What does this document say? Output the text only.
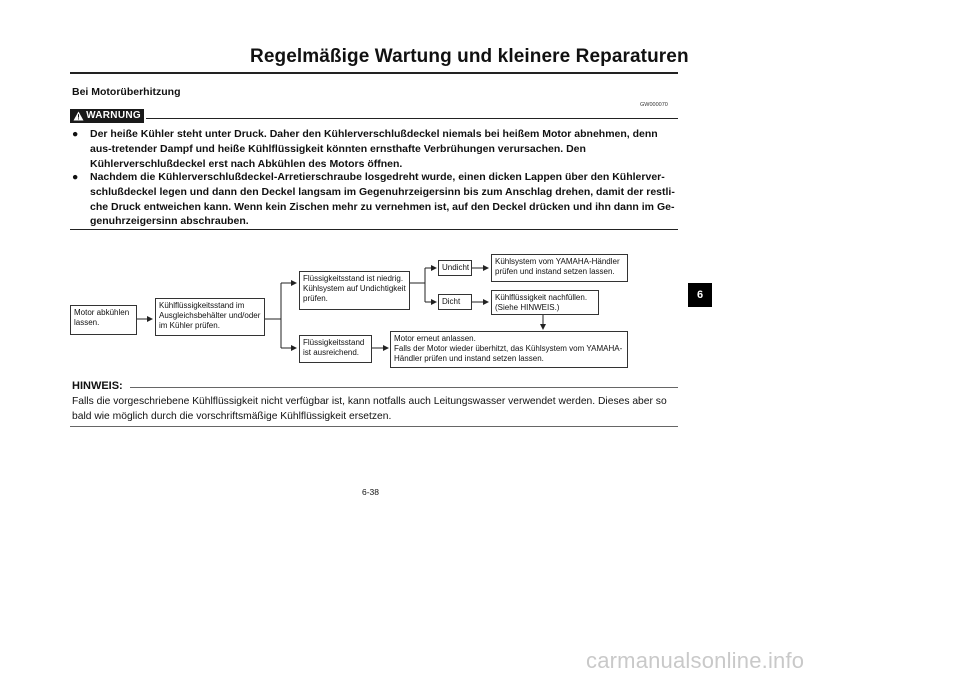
Regelmäßige Wartung und kleinere Reparaturen
Bei Motorüberhitzung
WARNUNG
GW000070
●	Der heiße Kühler steht unter Druck. Daher den Kühlerverschlußdeckel niemals bei heißem Motor abnehmen, denn aus-tretender Dampf und heiße Kühlflüssigkeit könnten ernsthafte Verbrühungen verursachen. Den Kühlerverschlußdeckel erst nach Abkühlen des Motors öffnen.
●	Nachdem die Kühlerverschlußdeckel-Arretierschraube losgedreht wurde, einen dicken Lappen über den Kühlerver-schlußdeckel legen und dann den Deckel langsam im Gegenuhrzeigersinn bis zum Anschlag drehen, damit der restli-che Druck entweichen kann. Wenn kein Zischen mehr zu vernehmen ist, auf den Deckel drücken und ihn dann im Ge-genuhrzeigersinn abschrauben.
Motor abkühlen
lassen.
Kühlflüssigkeitsstand im
Ausgleichsbehälter und/oder
im Kühler prüfen.
Flüssigkeitsstand ist niedrig.
Kühlsystem auf Undichtigkeit
prüfen.
Flüssigkeitsstand
ist ausreichend.
Undicht
Dicht
Kühlsystem vom YAMAHA-Händler
prüfen und instand setzen lassen.
Kühlflüssigkeit nachfüllen.
(Siehe HINWEIS.)
Motor erneut anlassen.
Falls der Motor wieder überhitzt, das Kühlsystem vom YAMAHA-
Händler prüfen und instand setzen lassen.
HINWEIS:
Falls die vorgeschriebene Kühlflüssigkeit nicht verfügbar ist, kann notfalls auch Leitungswasser verwendet werden. Dieses aber so bald wie möglich durch die vorschriftsmäßige Kühlflüssigkeit ersetzen.
6-38
6
carmanualsonline.info
